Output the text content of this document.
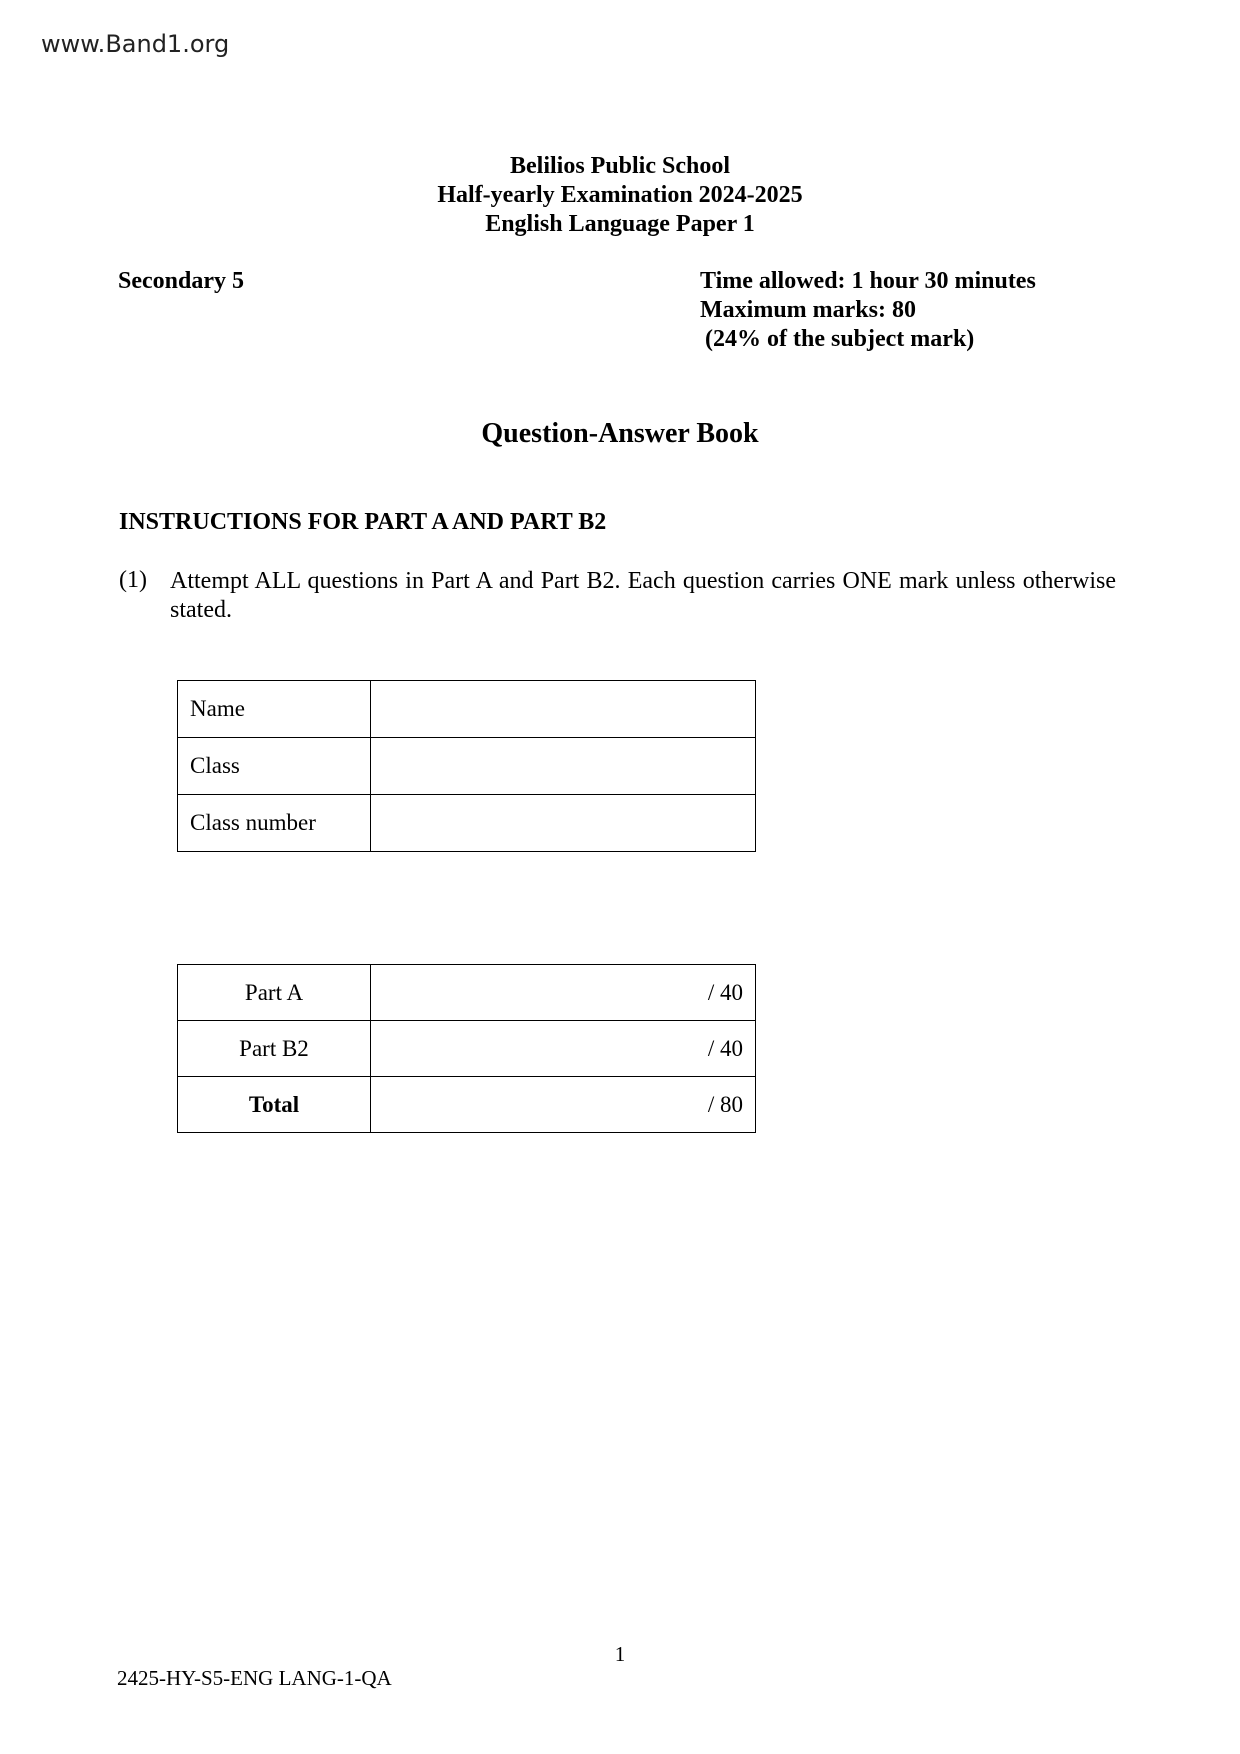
www.Band1.org
Belilios Public School
Half-yearly Examination 2024-2025
English Language Paper 1
Secondary 5	Time allowed: 1 hour 30 minutes
Maximum marks: 80
(24% of the subject mark)
Question-Answer Book
INSTRUCTIONS FOR PART A AND PART B2
(1) Attempt ALL questions in Part A and Part B2. Each question carries ONE mark unless otherwise stated.
Name	
Class	
Class number	
Part A	/ 40
Part B2	/ 40
Total	/ 80
1
2425-HY-S5-ENG LANG-1-QA
